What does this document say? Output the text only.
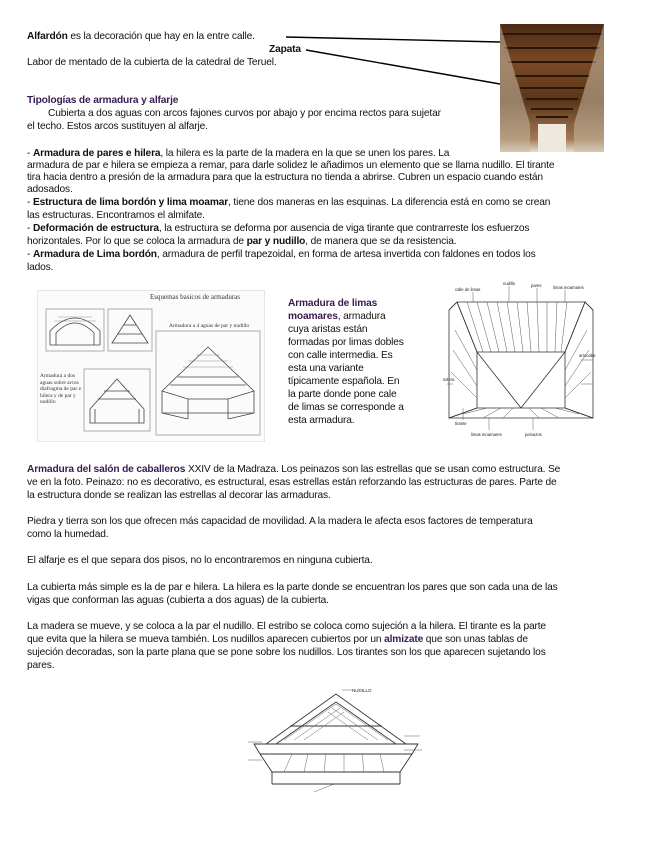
Alfardón es la decoración que hay en la entre calle.
Zapata
Labor de mentado de la cubierta de la catedral de Teruel.
Tipologías de armadura y alfarje
Cubierta a dos aguas con arcos fajones curvos por abajo y por encima rectos para sujetar
el techo. Estos arcos sustituyen al alfarje.
- Armadura de pares e hilera, la hilera es la parte de la madera en la que se unen los pares. La
armadura de par e hilera se empieza a remar, para darle solidez le añadimos un elemento que se llama nudillo. El tirante
tira hacia dentro a presión de la armadura para que la estructura no tienda a abrirse. Cubren un espacio cuando están
adosados.
- Estructura de lima bordón y lima moamar, tiene dos maneras en las esquinas. La diferencia está en como se crean
las estructuras. Encontramos el almifate.
- Deformación de estructura, la estructura se deforma por ausencia de viga tirante que contrarreste los esfuerzos
horizontales. Por lo que se coloca la armadura de par y nudillo, de manera que se da resistencia.
- Armadura de Lima bordón, armadura de perfil trapezoidal, en forma de artesa invertida con faldones en todos los
lados.
Esquemas basicos de armaduras
Armadura a 4 aguas de par y nudillo
Armadura a dos aguas sobre arcos diafragma de par e hilera y de par y nudillo
Armadura de limas
moamares, armadura
cuya aristas están
formadas por limas dobles
con calle intermedia. Es
esta una variante
típicamente española. En
la parte donde pone cale
de limas se corresponde a
esta armadura.
calle de limas
nudillo	pares	limas moamares
solera
arrocabe
tirante
limas moamares	peinazos
Armadura del salón de caballeros XXIV de la Madraza. Los peinazos son las estrellas que se usan como estructura. Se
ve en la foto. Peinazo: no es decorativo, es estructural, esas estrellas están reforzando las estructuras de pares. Parte de
la estructura donde se realizan las estrellas al decorar las armaduras.
Piedra y tierra son los que ofrecen más capacidad de movilidad. A la madera le afecta esos factores de temperatura
como la humedad.
El alfarje es el que separa dos pisos, no lo encontraremos en ninguna cubierta.
La cubierta más simple es la de par e hilera. La hilera es la parte donde se encuentran los pares que son cada una de las
vigas que conforman las aguas (cubierta a dos aguas) de la cubierta.
La madera se mueve, y se coloca a la par el nudillo. El estribo se coloca como sujeción a la hilera. El tirante es la parte
que evita que la hilera se mueva también. Los nudillos aparecen cubiertos por un almizate que son unas tablas de
sujeción decoradas, son la parte plana que se pone sobre los nudillos. Los tirantes son los que aparecen sujetando los
pares.
NUDILLO
